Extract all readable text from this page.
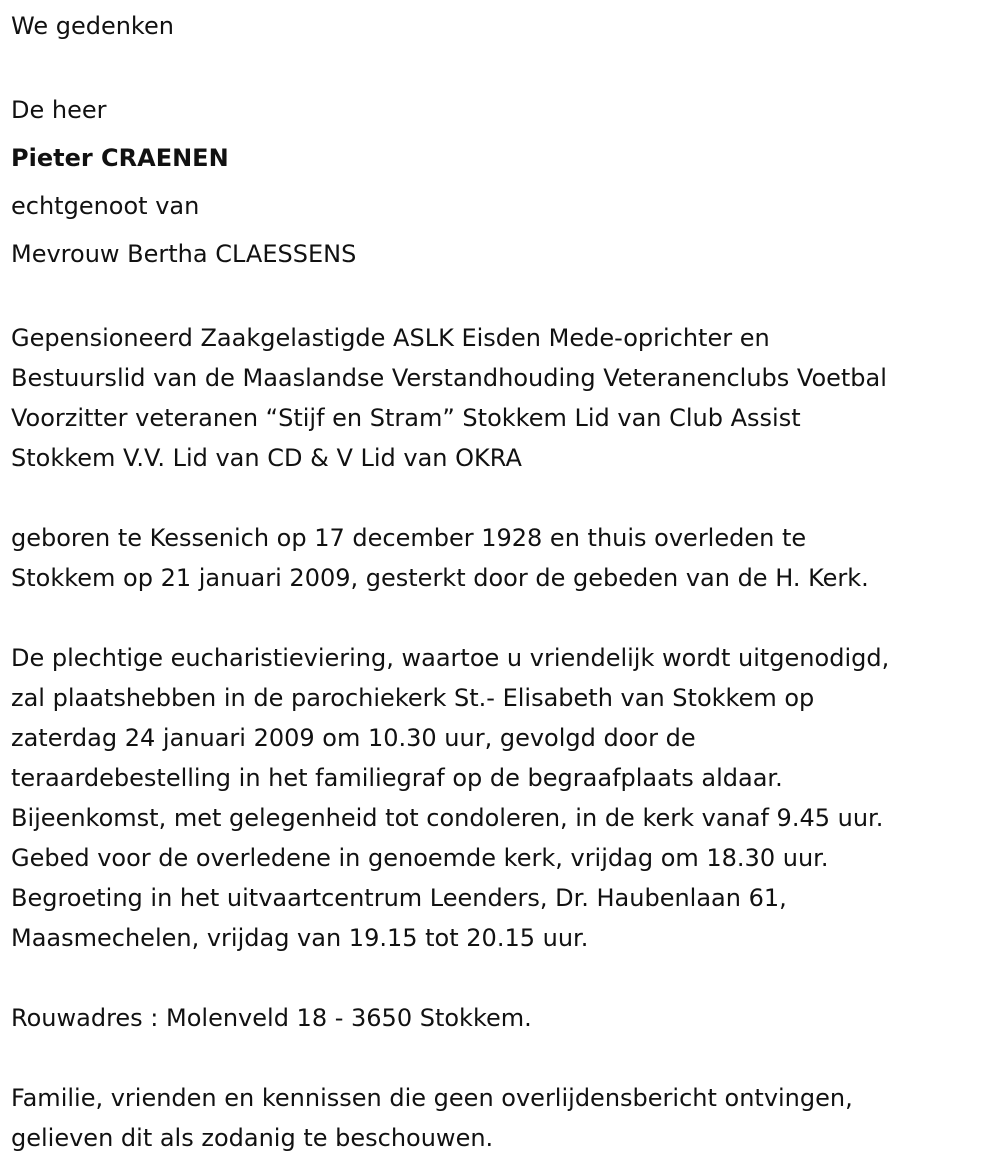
We gedenken

De heer

Pieter CRAENEN

echtgenoot van

Mevrouw Bertha CLAESSENS

Gepensioneerd Zaakgelastigde ASLK Eisden Mede-oprichter en
Bestuurslid van de Maaslandse Verstandhouding Veteranenclubs Voetbal
Voorzitter veteranen “Stijf en Stram” Stokkem Lid van Club Assist
Stokkem V.V. Lid van CD & V Lid van OKRA
geboren te Kessenich op 17 december 1928 en thuis overleden te
Stokkem op 21 januari 2009, gesterkt door de gebeden van de H. Kerk.
De plechtige eucharistieviering, waartoe u vriendelijk wordt uitgenodigd,
zal plaatshebben in de parochiekerk St.- Elisabeth van Stokkem op
zaterdag 24 januari 2009 om 10.30 uur, gevolgd door de
teraardebestelling in het familiegraf op de begraafplaats aldaar.
Bijeenkomst, met gelegenheid tot condoleren, in de kerk vanaf 9.45 uur.
Gebed voor de overledene in genoemde kerk, vrijdag om 18.30 uur.
Begroeting in het uitvaartcentrum Leenders, Dr. Haubenlaan 61,
Maasmechelen, vrijdag van 19.15 tot 20.15 uur.

Rouwadres : Molenveld 18 - 3650 Stokkem.

Familie, vrienden en kennissen die geen overlijdensbericht ontvingen,
gelieven dit als zodanig te beschouwen.
